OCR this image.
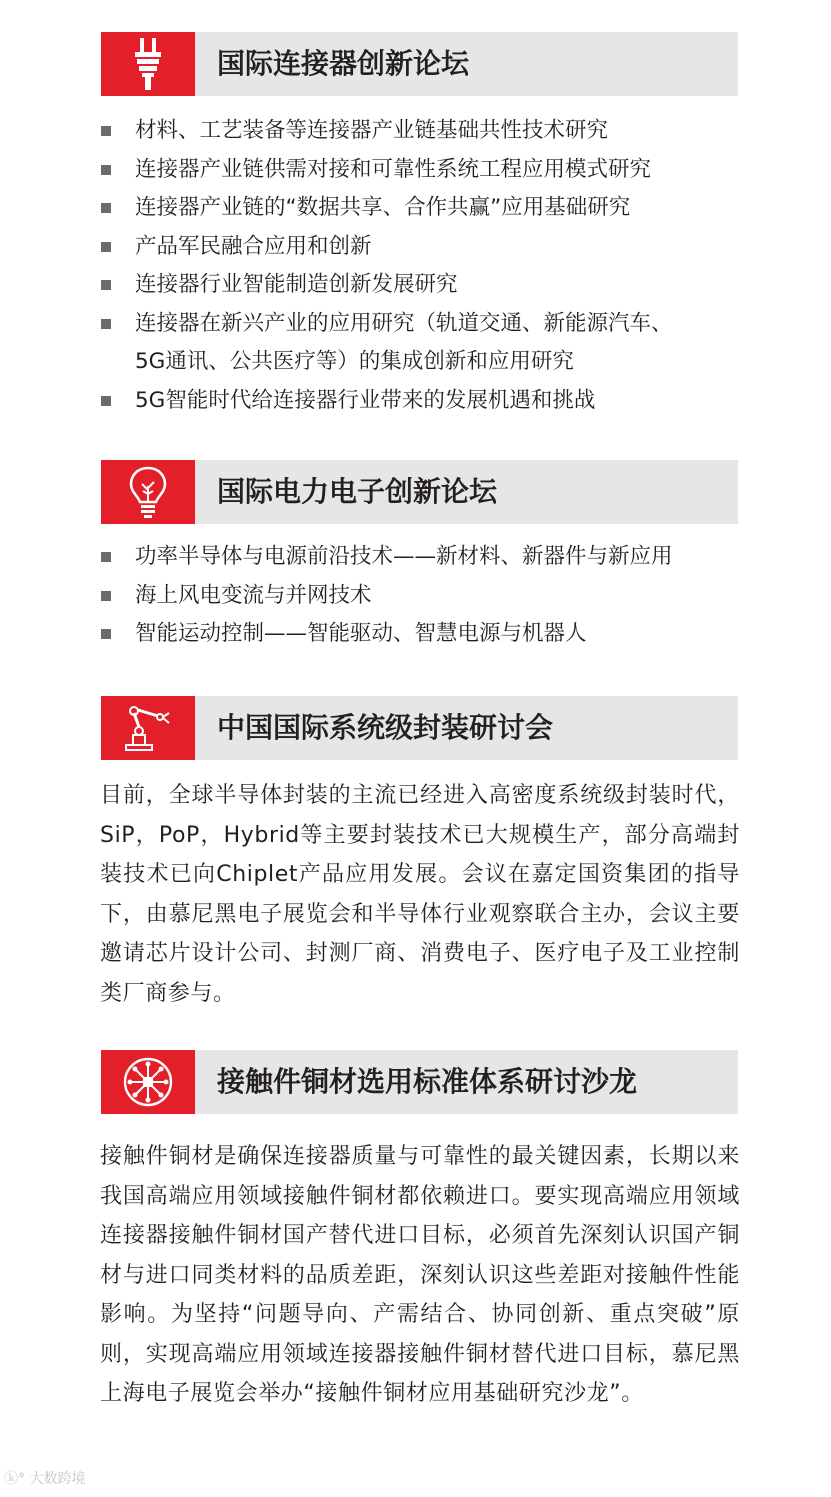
国际连接器创新论坛
材料、工艺装备等连接器产业链基础共性技术研究
连接器产业链供需对接和可靠性系统工程应用模式研究
连接器产业链的“数据共享、合作共赢”应用基础研究
产品军民融合应用和创新
连接器行业智能制造创新发展研究
连接器在新兴产业的应用研究（轨道交通、新能源汽车、
5G通讯、公共医疗等）的集成创新和应用研究
5G智能时代给连接器行业带来的发展机遇和挑战
国际电力电子创新论坛
功率半导体与电源前沿技术——新材料、新器件与新应用
海上风电变流与并网技术
智能运动控制——智能驱动、智慧电源与机器人
中国国际系统级封装研讨会

目前，全球半导体封装的主流已经进入高密度系统级封装时代，SiP，PoP，Hybrid等主要封装技术已大规模生产，部分高端封装技术已向Chiplet产品应用发展。会议在嘉定国资集团的指导下，由慕尼黑电子展览会和半导体行业观察联合主办，会议主要邀请芯片设计公司、封测厂商、消费电子、医疗电子及工业控制类厂商参与。

接触件铜材选用标准体系研讨沙龙

接触件铜材是确保连接器质量与可靠性的最关键因素，长期以来我国高端应用领域接触件铜材都依赖进口。要实现高端应用领域连接器接触件铜材国产替代进口目标，必须首先深刻认识国产铜材与进口同类材料的品质差距，深刻认识这些差距对接触件性能影响。为坚持“问题导向、产需结合、协同创新、重点突破”原则，实现高端应用领域连接器接触件铜材替代进口目标，慕尼黑上海电子展览会举办“接触件铜材应用基础研究沙龙”。

ⓚ° 大数跨境
